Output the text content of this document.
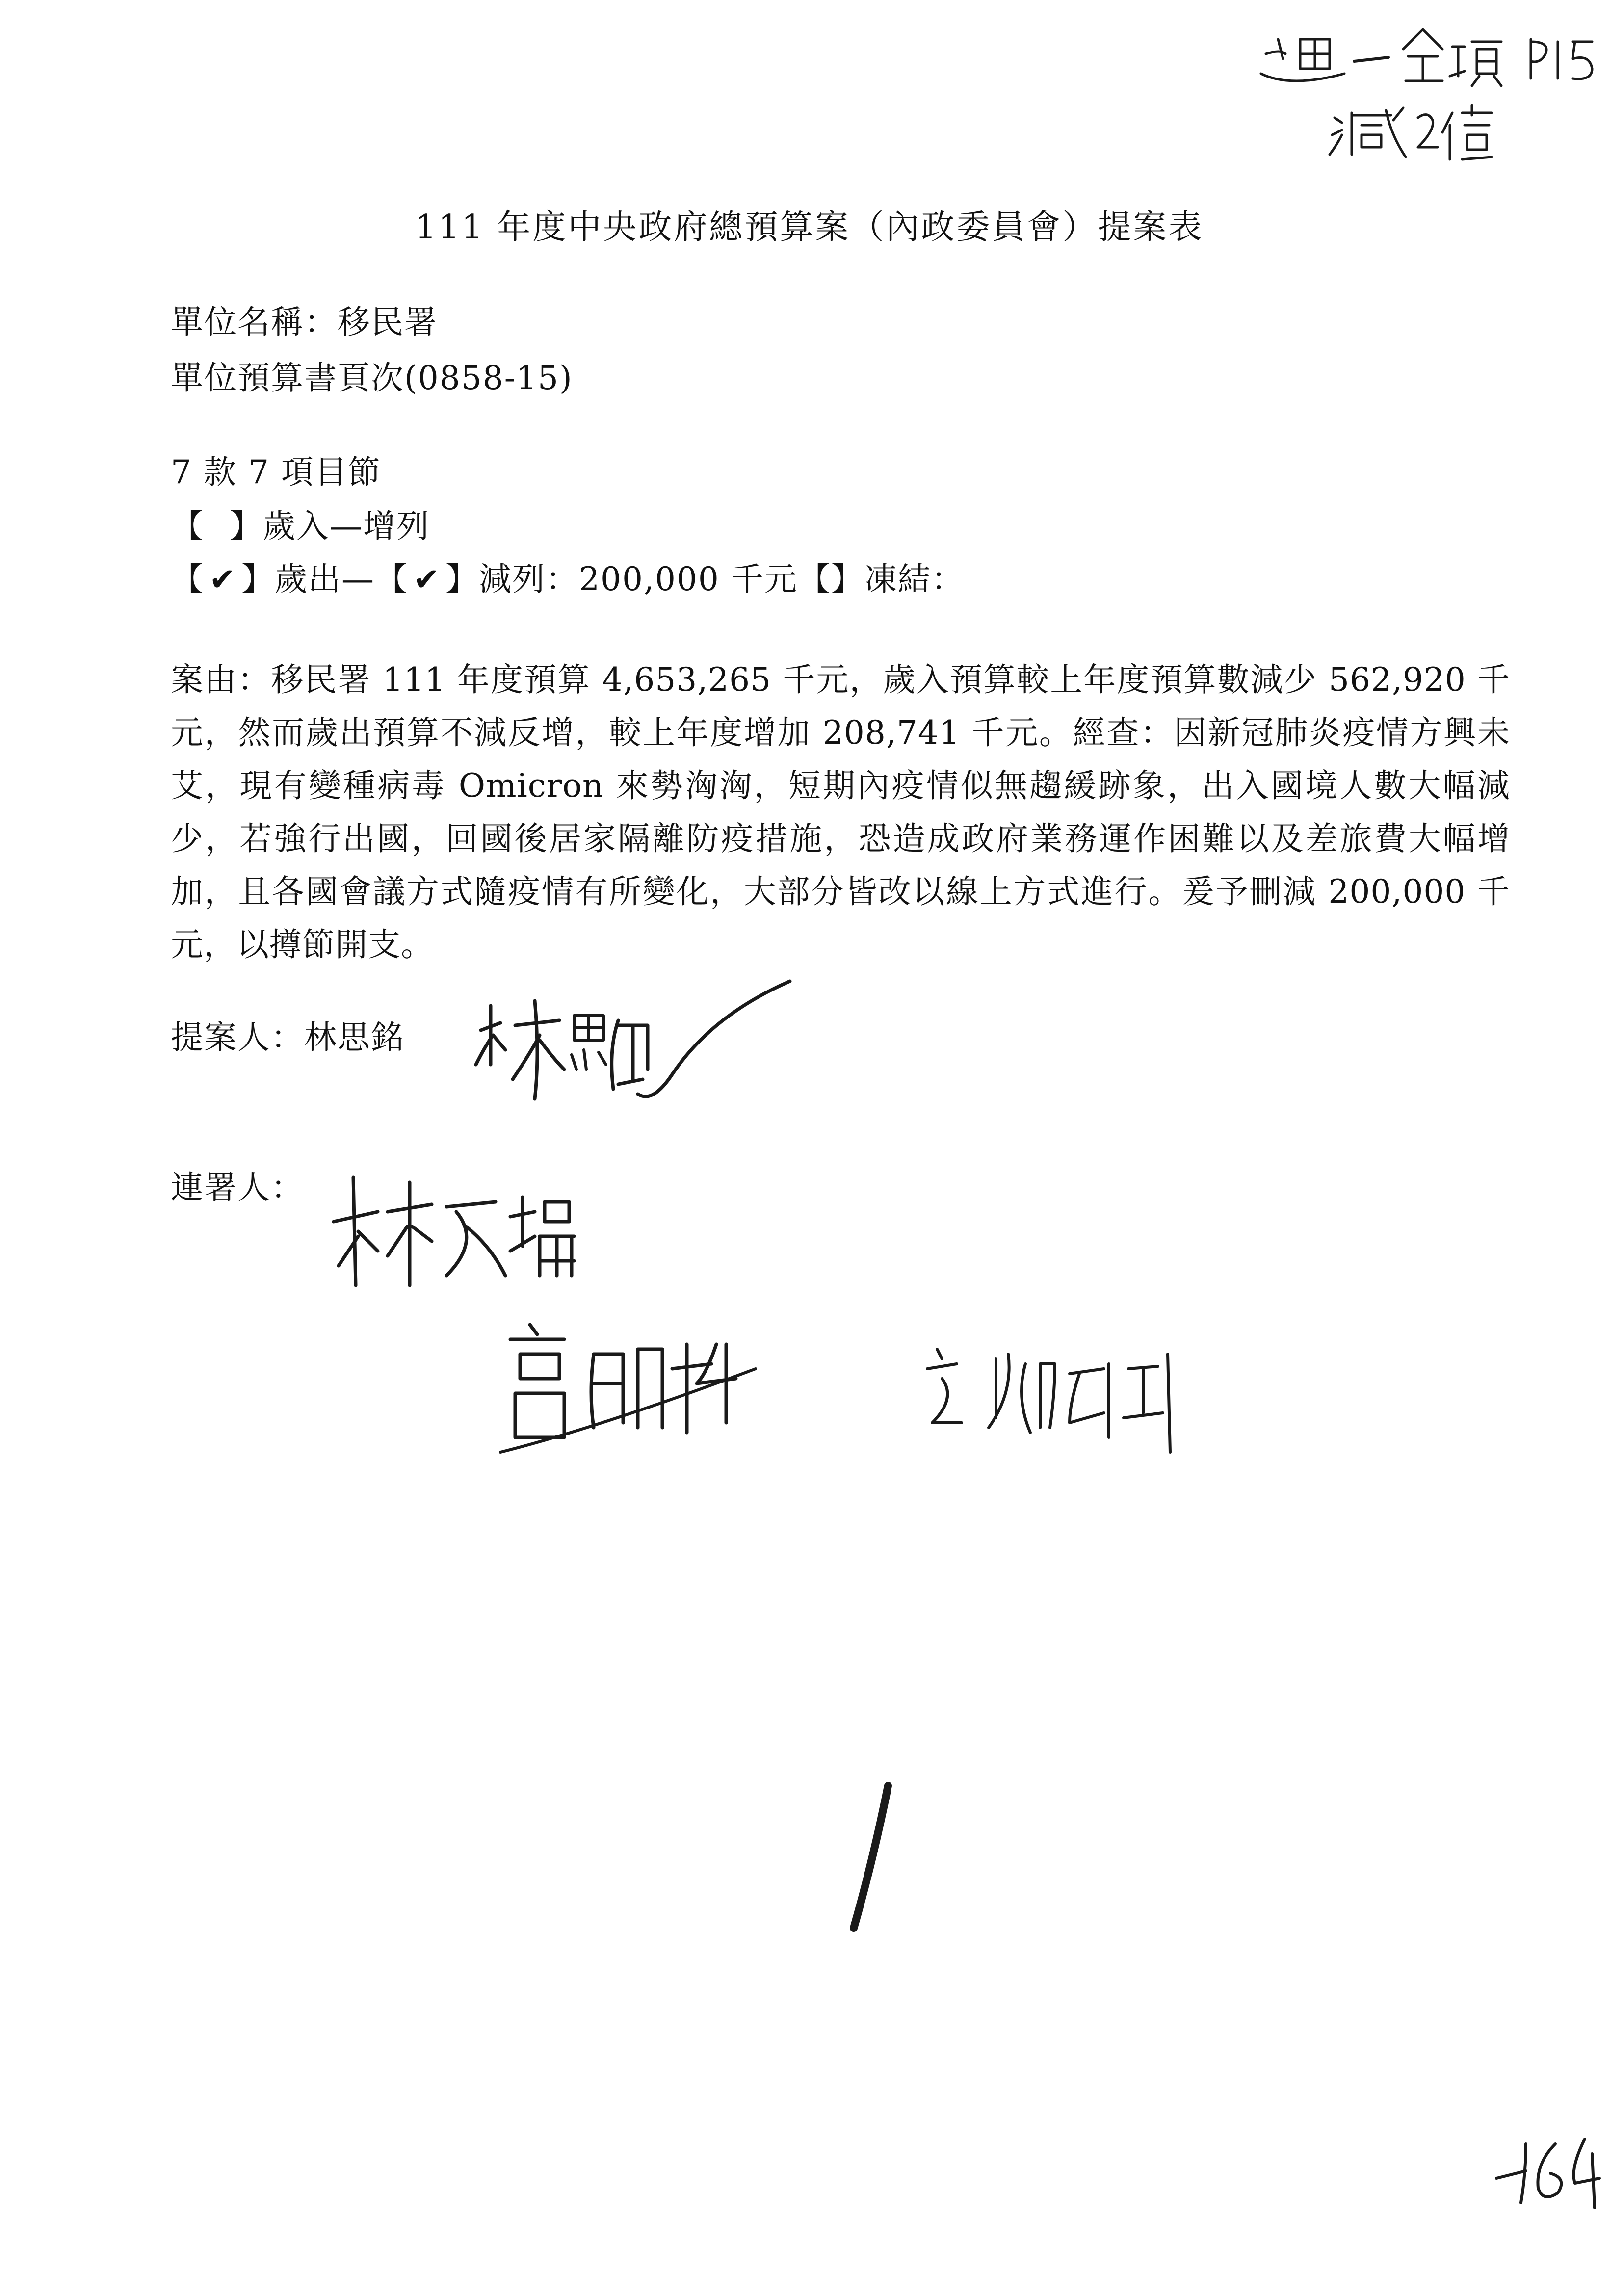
111 年度中央政府總預算案（內政委員會）提案表
單位名稱：移民署
單位預算書頁次(0858-15)
7 款 7 項目節
【 】歲入—增列
【 ✔ 】歲出—【 ✔ 】減列：200,000 千元【】凍結：
案由：移民署 111 年度預算 4,653,265 千元，歲入預算較上年度預算數減少 562,920 千元，然而歲出預算不減反增，較上年度增加 208,741 千元。經查：因新冠肺炎疫情方興未艾，現有變種病毒 Omicron 來勢洶洶，短期內疫情似無趨緩跡象，出入國境人數大幅減少，若強行出國，回國後居家隔離防疫措施，恐造成政府業務運作困難以及差旅費大幅增加，且各國會議方式隨疫情有所變化，大部分皆改以線上方式進行。爰予刪減 200,000 千元，以撙節開支。
提案人：林思銘
連署人：
